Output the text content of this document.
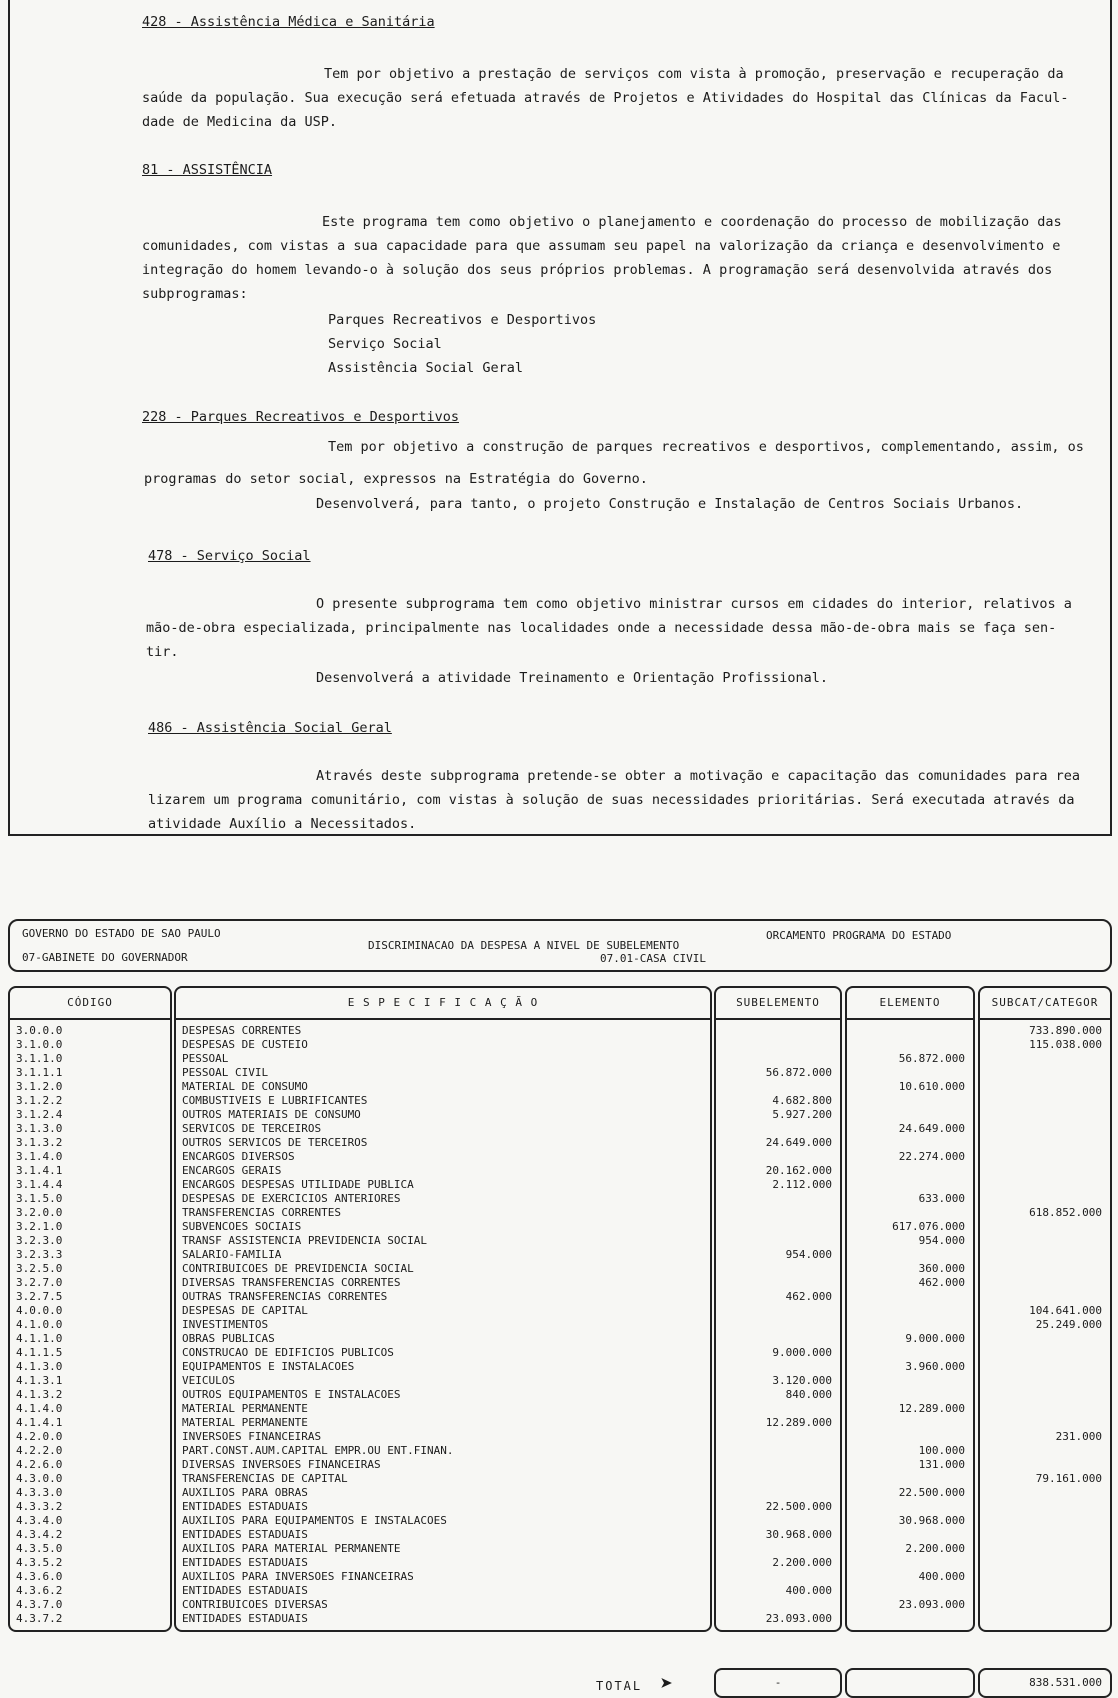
428 - Assistência Médica e Sanitária

Tem por objetivo a prestação de serviços com vista à promoção, preservação e recuperação da

saúde da população. Sua execução será efetuada através de Projetos e Atividades do Hospital das Clínicas da Facul-

dade de Medicina da USP.

81 - ASSISTÊNCIA

Este programa tem como objetivo o planejamento e coordenação do processo de mobilização das

comunidades, com vistas a sua capacidade para que assumam seu papel na valorização da criança e desenvolvimento e

integração do homem levando-o à solução dos seus próprios problemas. A programação será desenvolvida através dos

subprogramas:

Parques Recreativos e Desportivos

Serviço Social

Assistência Social Geral

228 - Parques Recreativos e Desportivos

Tem por objetivo a construção de parques recreativos e desportivos, complementando, assim, os

programas do setor social, expressos na Estratégia do Governo.

Desenvolverá, para tanto, o projeto Construção e Instalação de Centros Sociais Urbanos.

478 - Serviço Social

O presente subprograma tem como objetivo ministrar cursos em cidades do interior, relativos a

mão-de-obra especializada, principalmente nas localidades onde a necessidade dessa mão-de-obra mais se faça sen-

tir.

Desenvolverá a atividade Treinamento e Orientação Profissional.

486 - Assistência Social Geral

Através deste subprograma pretende-se obter a motivação e capacitação das comunidades para rea

lizarem um programa comunitário, com vistas à solução de suas necessidades prioritárias. Será executada através da

atividade Auxílio a Necessitados.

GOVERNO DO ESTADO DE SAO PAULO
07-GABINETE DO GOVERNADOR
DISCRIMINACAO DA DESPESA A NIVEL DE SUBELEMENTO
07.01-CASA CIVIL
ORCAMENTO PROGRAMA DO ESTADO
CÓDIGO
3.0.0.0
3.1.0.0
3.1.1.0
3.1.1.1
3.1.2.0
3.1.2.2
3.1.2.4
3.1.3.0
3.1.3.2
3.1.4.0
3.1.4.1
3.1.4.4
3.1.5.0
3.2.0.0
3.2.1.0
3.2.3.0
3.2.3.3
3.2.5.0
3.2.7.0
3.2.7.5
4.0.0.0
4.1.0.0
4.1.1.0
4.1.1.5
4.1.3.0
4.1.3.1
4.1.3.2
4.1.4.0
4.1.4.1
4.2.0.0
4.2.2.0
4.2.6.0
4.3.0.0
4.3.3.0
4.3.3.2
4.3.4.0
4.3.4.2
4.3.5.0
4.3.5.2
4.3.6.0
4.3.6.2
4.3.7.0
4.3.7.2
E S P E C I F I C A Ç Ã O
DESPESAS CORRENTES
DESPESAS DE CUSTEIO
PESSOAL
PESSOAL CIVIL
MATERIAL DE CONSUMO
COMBUSTIVEIS E LUBRIFICANTES
OUTROS MATERIAIS DE CONSUMO
SERVICOS DE TERCEIROS
OUTROS SERVICOS DE TERCEIROS
ENCARGOS DIVERSOS
ENCARGOS GERAIS
ENCARGOS DESPESAS UTILIDADE PUBLICA
DESPESAS DE EXERCICIOS ANTERIORES
TRANSFERENCIAS CORRENTES
SUBVENCOES SOCIAIS
TRANSF ASSISTENCIA PREVIDENCIA SOCIAL
SALARIO-FAMILIA
CONTRIBUICOES DE PREVIDENCIA SOCIAL
DIVERSAS TRANSFERENCIAS CORRENTES
OUTRAS TRANSFERENCIAS CORRENTES
DESPESAS DE CAPITAL
INVESTIMENTOS
OBRAS PUBLICAS
CONSTRUCAO DE EDIFICIOS PUBLICOS
EQUIPAMENTOS E INSTALACOES
VEICULOS
OUTROS EQUIPAMENTOS E INSTALACOES
MATERIAL PERMANENTE
MATERIAL PERMANENTE
INVERSOES FINANCEIRAS
PART.CONST.AUM.CAPITAL EMPR.OU ENT.FINAN.
DIVERSAS INVERSOES FINANCEIRAS
TRANSFERENCIAS DE CAPITAL
AUXILIOS PARA OBRAS
ENTIDADES ESTADUAIS
AUXILIOS PARA EQUIPAMENTOS E INSTALACOES
ENTIDADES ESTADUAIS
AUXILIOS PARA MATERIAL PERMANENTE
ENTIDADES ESTADUAIS
AUXILIOS PARA INVERSOES FINANCEIRAS
ENTIDADES ESTADUAIS
CONTRIBUICOES DIVERSAS
ENTIDADES ESTADUAIS
SUBELEMENTO
56.872.000
4.682.800
5.927.200
24.649.000
20.162.000
2.112.000
954.000
462.000
9.000.000
3.120.000
840.000
12.289.000
22.500.000
30.968.000
2.200.000
400.000
23.093.000
ELEMENTO
56.872.000
10.610.000
24.649.000
22.274.000
633.000
617.076.000
954.000
360.000
462.000
9.000.000
3.960.000
12.289.000
100.000
131.000
22.500.000
30.968.000
2.200.000
400.000
23.093.000
SUBCAT/CATEGOR
733.890.000
115.038.000
618.852.000
104.641.000
25.249.000
231.000
79.161.000
TOTAL ➤	-	838.531.000
